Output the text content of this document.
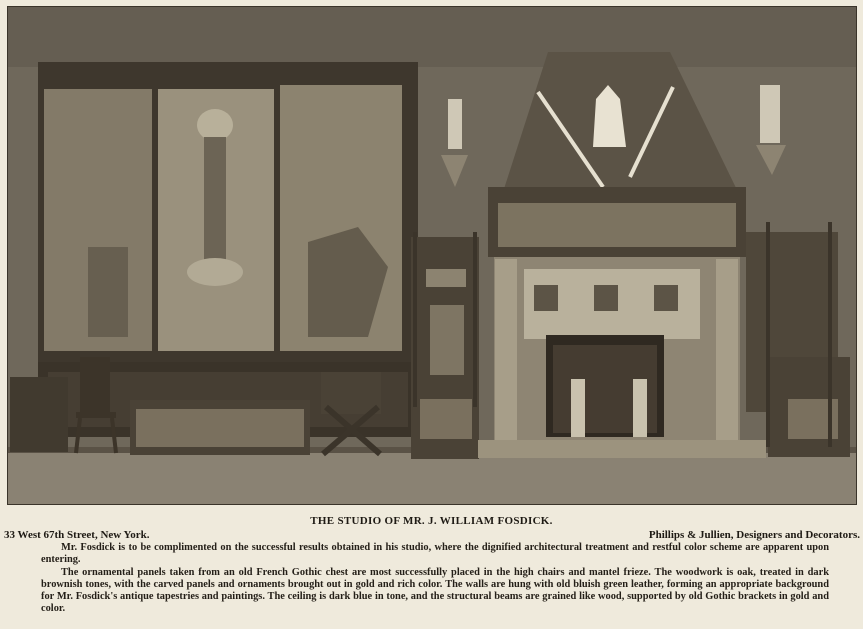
THE STUDIO OF MR. J. WILLIAM FOSDICK.
33 West 67th Street, New York.	Phillips & Jullien, Designers and Decorators.

Mr. Fosdick is to be complimented on the successful results obtained in his studio, where the dignified architectural treatment and restful color scheme are apparent upon entering.

The ornamental panels taken from an old French Gothic chest are most successfully placed in the high chairs and mantel frieze. The woodwork is oak, treated in dark brownish tones, with the carved panels and ornaments brought out in gold and rich color. The walls are hung with old bluish green leather, forming an appropriate background for Mr. Fosdick's antique tapestries and paintings. The ceiling is dark blue in tone, and the structural beams are grained like wood, supported by old Gothic brackets in gold and color.
